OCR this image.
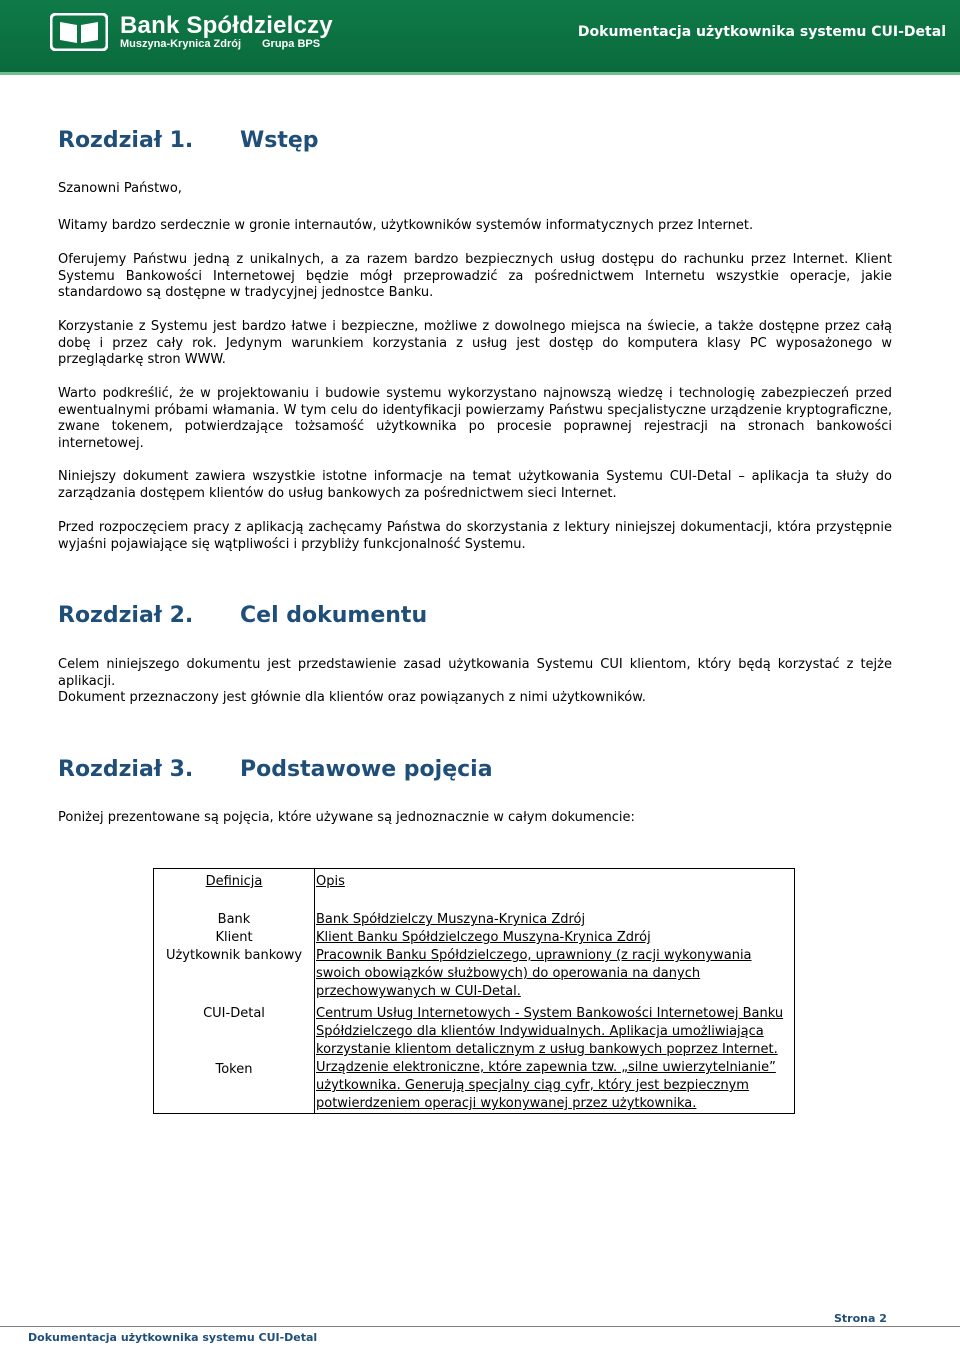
Bank Spółdzielczy
Muszyna-Krynica Zdrój Grupa BPS
Dokumentacja użytkownika systemu CUI-Detal
Rozdział 1. Wstęp
Szanowni Państwo,
Witamy bardzo serdecznie w gronie internautów, użytkowników systemów informatycznych przez Internet.
Oferujemy Państwu jedną z unikalnych, a za razem bardzo bezpiecznych usług dostępu do rachunku przez Internet. Klient Systemu Bankowości Internetowej będzie mógł przeprowadzić za pośrednictwem Internetu wszystkie operacje, jakie standardowo są dostępne w tradycyjnej jednostce Banku.
Korzystanie z Systemu jest bardzo łatwe i bezpieczne, możliwe z dowolnego miejsca na świecie, a także dostępne przez całą dobę i przez cały rok. Jedynym warunkiem korzystania z usług jest dostęp do komputera klasy PC wyposażonego w przeglądarkę stron WWW.
Warto podkreślić, że w projektowaniu i budowie systemu wykorzystano najnowszą wiedzę i technologię zabezpieczeń przed ewentualnymi próbami włamania. W tym celu do identyfikacji powierzamy Państwu specjalistyczne urządzenie kryptograficzne, zwane tokenem, potwierdzające tożsamość użytkownika po procesie poprawnej rejestracji na stronach bankowości internetowej.
Niniejszy dokument zawiera wszystkie istotne informacje na temat użytkowania Systemu CUI-Detal – aplikacja ta służy do zarządzania dostępem klientów do usług bankowych za pośrednictwem sieci Internet.
Przed rozpoczęciem pracy z aplikacją zachęcamy Państwa do skorzystania z lektury niniejszej dokumentacji, która przystępnie wyjaśni pojawiające się wątpliwości i przybliży funkcjonalność Systemu.
Rozdział 2. Cel dokumentu
Celem niniejszego dokumentu jest przedstawienie zasad użytkowania Systemu CUI klientom, który będą korzystać z tejże aplikacji.
Dokument przeznaczony jest głównie dla klientów oraz powiązanych z nimi użytkowników.
Rozdział 3. Podstawowe pojęcia
Poniżej prezentowane są pojęcia, które używane są jednoznacznie w całym dokumencie:
Definicja	Opis

Bank	Bank Spółdzielczy Muszyna-Krynica Zdrój
Klient	Klient Banku Spółdzielczego Muszyna-Krynica Zdrój
Użytkownik bankowy	Pracownik Banku Spółdzielczego, uprawniony (z racji wykonywania swoich obowiązków służbowych) do operowania na danych przechowywanych w CUI-Detal.

CUI-Detal	Centrum Usług Internetowych - System Bankowości Internetowej Banku Spółdzielczego dla klientów Indywidualnych. Aplikacja umożliwiająca korzystanie klientom detalicznym z usług bankowych poprzez Internet.
Token	Urządzenie elektroniczne, które zapewnia tzw. „silne uwierzytelnianie” użytkownika. Generują specjalny ciąg cyfr, który jest bezpiecznym potwierdzeniem operacji wykonywanej przez użytkownika.
Strona 2
Dokumentacja użytkownika systemu CUI-Detal
